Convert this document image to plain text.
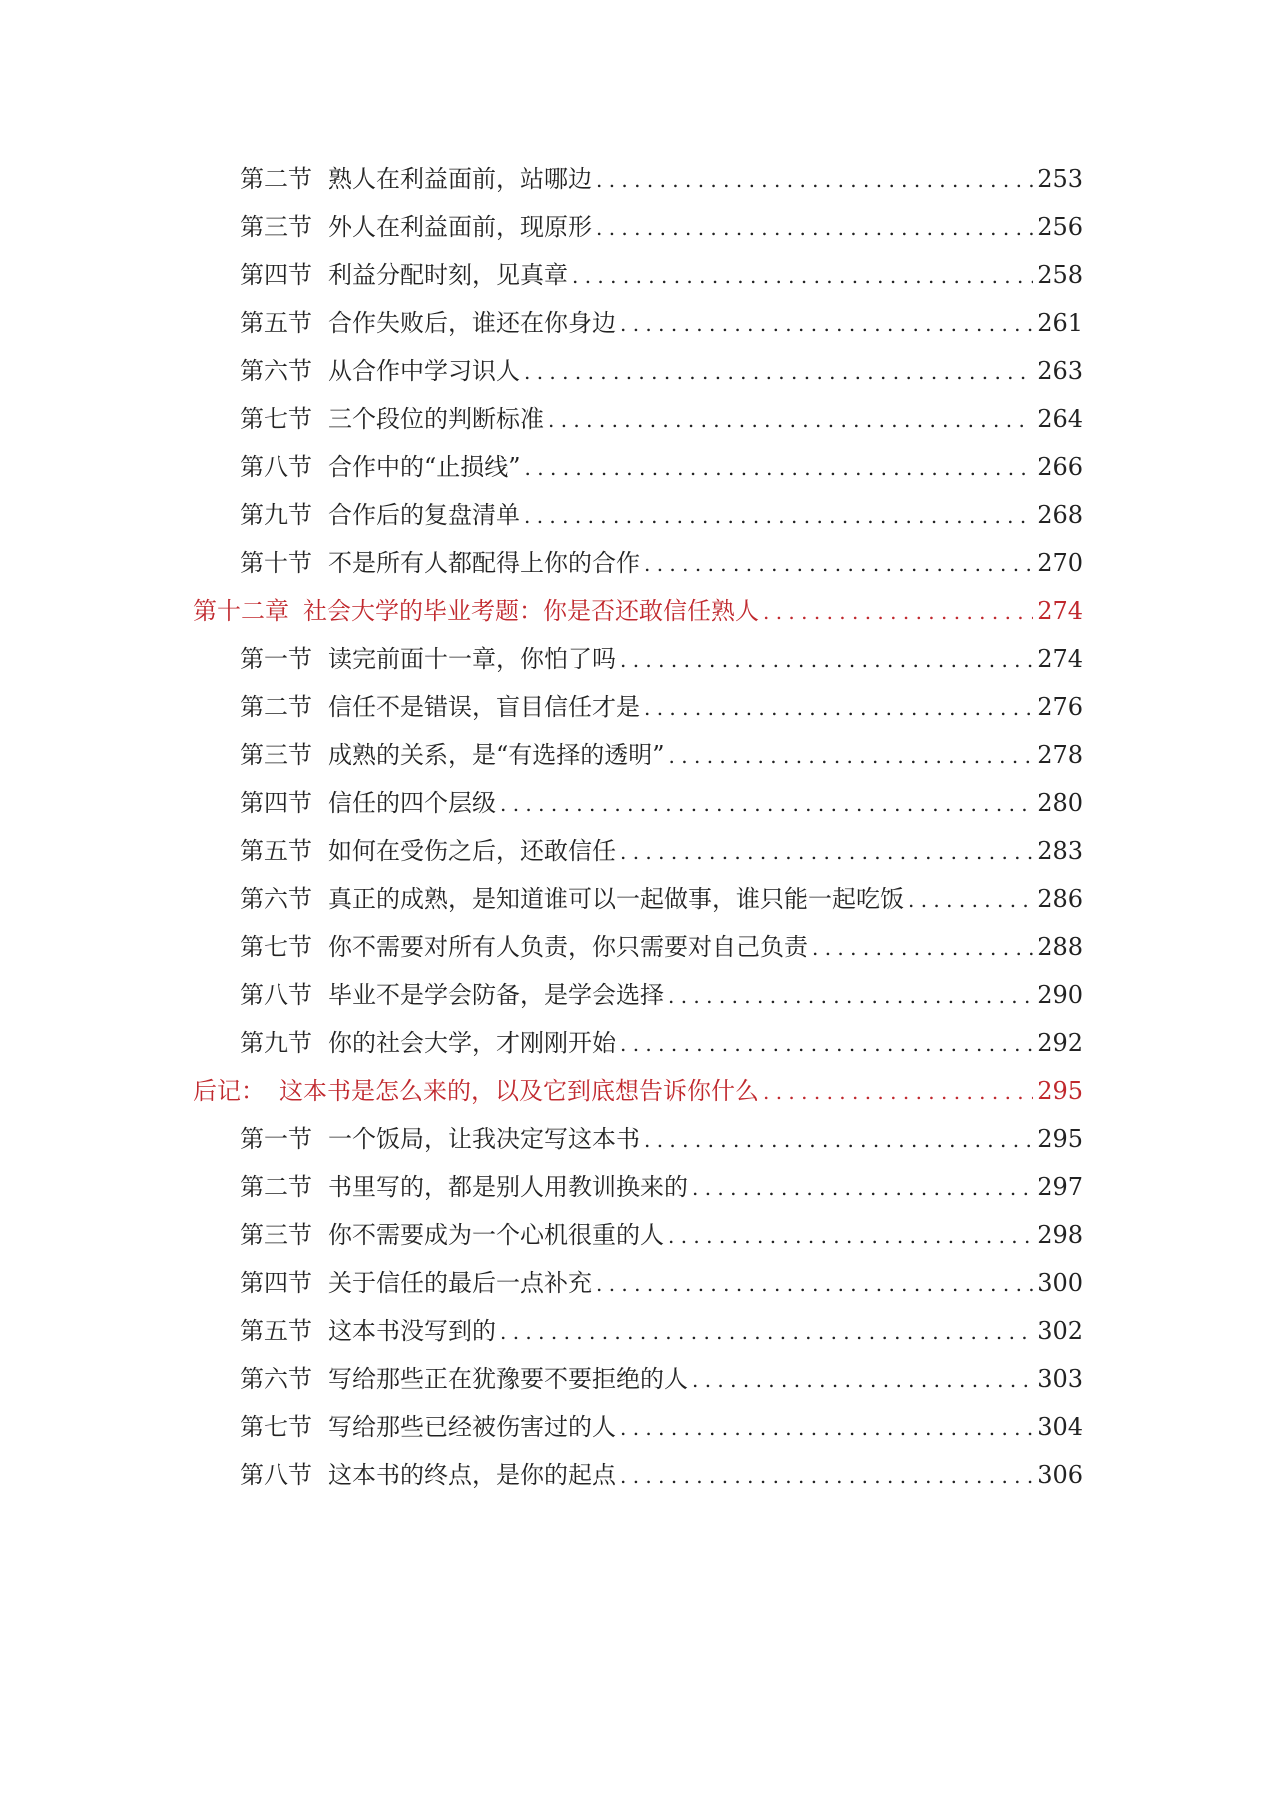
第二节 熟人在利益面前，站哪边 . . .	253
第三节 外人在利益面前，现原形 . . .	256
第四节 利益分配时刻，见真章 . . .	258
第五节 合作失败后，谁还在你身边 . . .	261
第六节 从合作中学习识人 . . .	263
第七节 三个段位的判断标准 . . .	264
第八节 合作中的“止损线” . . .	266
第九节 合作后的复盘清单 . . .	268
第十节 不是所有人都配得上你的合作 . . .	270
第十二章 社会大学的毕业考题：你是否还敢信任熟人 . . .	274
第一节 读完前面十一章，你怕了吗 . . .	274
第二节 信任不是错误，盲目信任才是 . . .	276
第三节 成熟的关系，是“有选择的透明” . . .	278
第四节 信任的四个层级 . . .	280
第五节 如何在受伤之后，还敢信任 . . .	283
第六节 真正的成熟，是知道谁可以一起做事，谁只能一起吃饭 . . .	286
第七节 你不需要对所有人负责，你只需要对自己负责 . . .	288
第八节 毕业不是学会防备，是学会选择 . . .	290
第九节 你的社会大学，才刚刚开始 . . .	292
后记： 这本书是怎么来的，以及它到底想告诉你什么 . . .	295
第一节 一个饭局，让我决定写这本书 . . .	295
第二节 书里写的，都是别人用教训换来的 . . .	297
第三节 你不需要成为一个心机很重的人 . . .	298
第四节 关于信任的最后一点补充 . . .	300
第五节 这本书没写到的 . . .	302
第六节 写给那些正在犹豫要不要拒绝的人 . . .	303
第七节 写给那些已经被伤害过的人 . . .	304
第八节 这本书的终点，是你的起点 . . .	306
